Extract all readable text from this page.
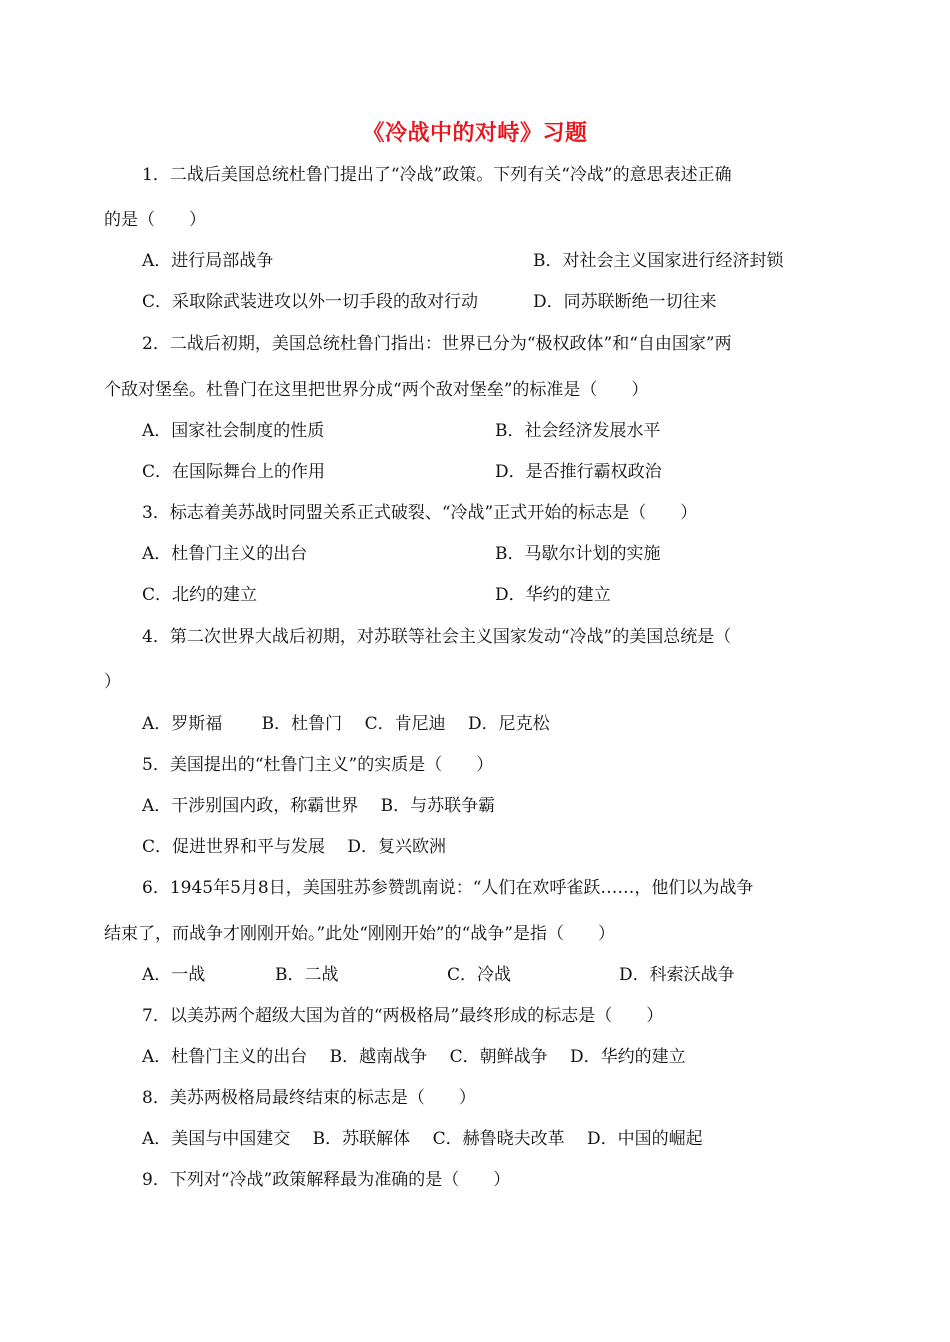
《冷战中的对峙》习题
1．二战后美国总统杜鲁门提出了“冷战”政策。下列有关“冷战”的意思表述正确
的是（　　）
A．进行局部战争	B．对社会主义国家进行经济封锁
C．采取除武装进攻以外一切手段的敌对行动	D．同苏联断绝一切往来
2．二战后初期，美国总统杜鲁门指出：世界已分为“极权政体”和“自由国家”两
个敌对堡垒。杜鲁门在这里把世界分成“两个敌对堡垒”的标准是（　　）
A．国家社会制度的性质	B．社会经济发展水平
C．在国际舞台上的作用	D．是否推行霸权政治
3．标志着美苏战时同盟关系正式破裂、“冷战”正式开始的标志是（　　）
A．杜鲁门主义的出台	B．马歇尔计划的实施
C．北约的建立	D．华约的建立
4．第二次世界大战后初期，对苏联等社会主义国家发动“冷战”的美国总统是（
）
A．罗斯福　　 B．杜鲁门　 C．肯尼迪　 D．尼克松
5．美国提出的“杜鲁门主义”的实质是（　　）
A．干涉别国内政，称霸世界　 B．与苏联争霸
C．促进世界和平与发展　 D．复兴欧洲
6．1945年5月8日，美国驻苏参赞凯南说：“人们在欢呼雀跃……，他们以为战争
结束了，而战争才刚刚开始。”此处“刚刚开始”的“战争”是指（　　）
A．一战	B．二战	C．冷战	D．科索沃战争
7．以美苏两个超级大国为首的“两极格局”最终形成的标志是（　　）
A．杜鲁门主义的出台　 B．越南战争　 C．朝鲜战争　 D．华约的建立
8．美苏两极格局最终结束的标志是（　　）
A．美国与中国建交　 B．苏联解体　 C．赫鲁晓夫改革　 D．中国的崛起
9．下列对“冷战”政策解释最为准确的是（　　）
